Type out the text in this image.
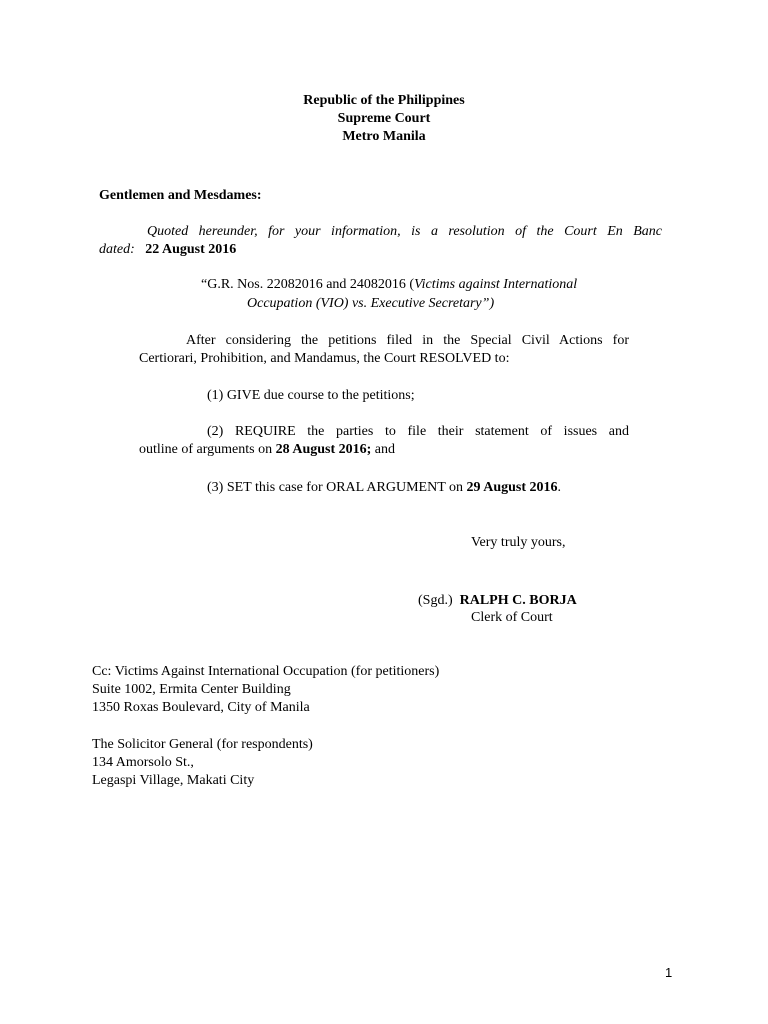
Republic of the Philippines
Supreme Court
Metro Manila
Gentlemen and Mesdames:
Quoted hereunder, for your information, is a resolution of the Court En Banc
dated: 22 August 2016
“G.R. Nos. 22082016 and 24082016 (Victims against International
Occupation (VIO) vs. Executive Secretary”)
After considering the petitions filed in the Special Civil Actions for
Certiorari, Prohibition, and Mandamus, the Court RESOLVED to:
(1) GIVE due course to the petitions;
(2) REQUIRE the parties to file their statement of issues and
outline of arguments on 28 August 2016; and
(3) SET this case for ORAL ARGUMENT on 29 August 2016.
Very truly yours,
(Sgd.) RALPH C. BORJA
Clerk of Court
Cc: Victims Against International Occupation (for petitioners)
Suite 1002, Ermita Center Building
1350 Roxas Boulevard, City of Manila
The Solicitor General (for respondents)
134 Amorsolo St.,
Legaspi Village, Makati City
1
